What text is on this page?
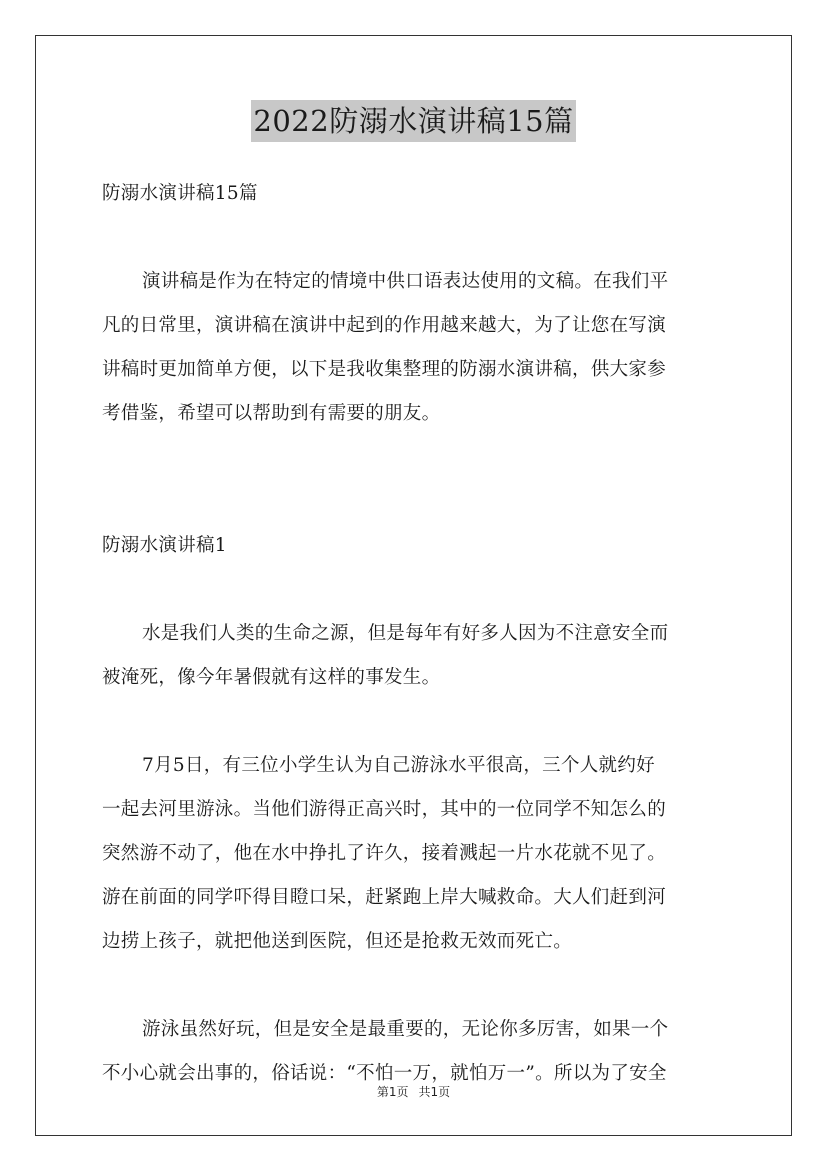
2022防溺水演讲稿15篇
防溺水演讲稿15篇
演讲稿是作为在特定的情境中供口语表达使用的文稿。在我们平
凡的日常里，演讲稿在演讲中起到的作用越来越大，为了让您在写演
讲稿时更加简单方便，以下是我收集整理的防溺水演讲稿，供大家参
考借鉴，希望可以帮助到有需要的朋友。
防溺水演讲稿1
水是我们人类的生命之源，但是每年有好多人因为不注意安全而
被淹死，像今年暑假就有这样的事发生。
7月5日，有三位小学生认为自己游泳水平很高，三个人就约好
一起去河里游泳。当他们游得正高兴时，其中的一位同学不知怎么的
突然游不动了，他在水中挣扎了许久，接着溅起一片水花就不见了。
游在前面的同学吓得目瞪口呆，赶紧跑上岸大喊救命。大人们赶到河
边捞上孩子，就把他送到医院，但还是抢救无效而死亡。
游泳虽然好玩，但是安全是最重要的，无论你多厉害，如果一个
不小心就会出事的，俗话说：“不怕一万，就怕万一”。所以为了安全
第1页 共1页
